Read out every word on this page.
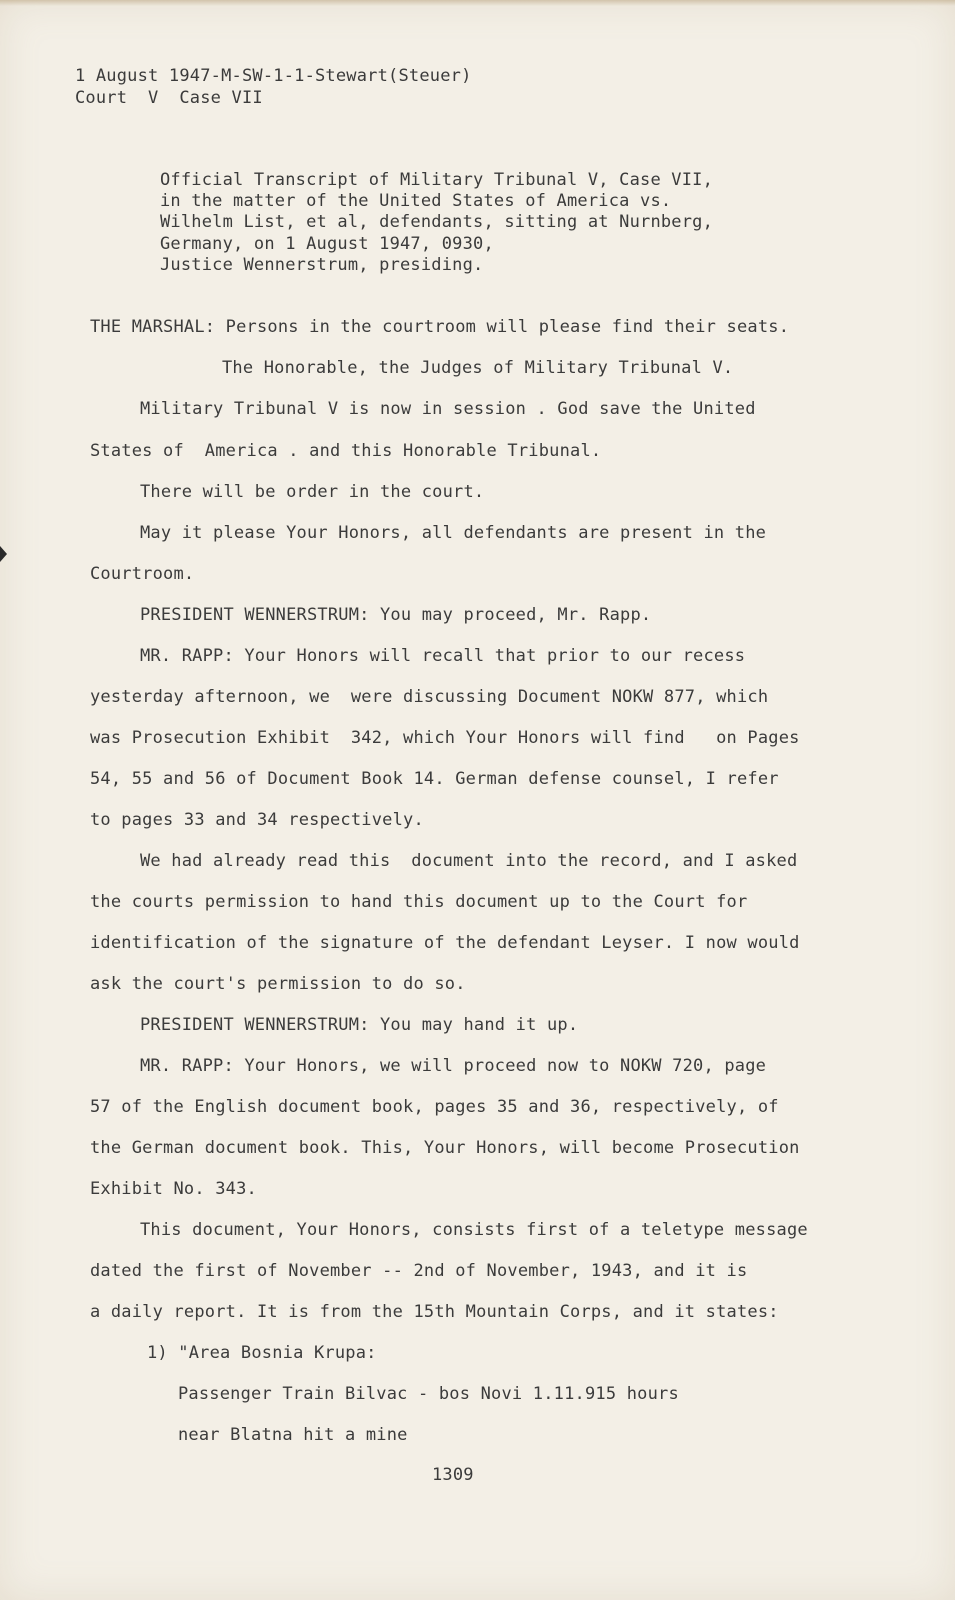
1 August 1947-M-SW-1-1-Stewart(Steuer)
Court  V  Case VII
Official Transcript of Military Tribunal V, Case VII,
in the matter of the United States of America vs.
Wilhelm List, et al, defendants, sitting at Nurnberg,
Germany, on 1 August 1947, 0930,
Justice Wennerstrum, presiding.
THE MARSHAL: Persons in the courtroom will please find their seats.
The Honorable, the Judges of Military Tribunal V.
Military Tribunal V is now in session . God save the United
States of  America . and this Honorable Tribunal.
There will be order in the court.
May it please Your Honors, all defendants are present in the
Courtroom.
PRESIDENT WENNERSTRUM: You may proceed, Mr. Rapp.
MR. RAPP: Your Honors will recall that prior to our recess
yesterday afternoon, we  were discussing Document NOKW 877, which
was Prosecution Exhibit  342, which Your Honors will find   on Pages
54, 55 and 56 of Document Book 14. German defense counsel, I refer
to pages 33 and 34 respectively.
We had already read this  document into the record, and I asked
the courts permission to hand this document up to the Court for
identification of the signature of the defendant Leyser. I now would
ask the court's permission to do so.
PRESIDENT WENNERSTRUM: You may hand it up.
MR. RAPP: Your Honors, we will proceed now to NOKW 720, page
57 of the English document book, pages 35 and 36, respectively, of
the German document book. This, Your Honors, will become Prosecution
Exhibit No. 343.
This document, Your Honors, consists first of a teletype message
dated the first of November -- 2nd of November, 1943, and it is
a daily report. It is from the 15th Mountain Corps, and it states:
1) "Area Bosnia Krupa:
Passenger Train Bilvac - bos Novi 1.11.915 hours
near Blatna hit a mine
1309
